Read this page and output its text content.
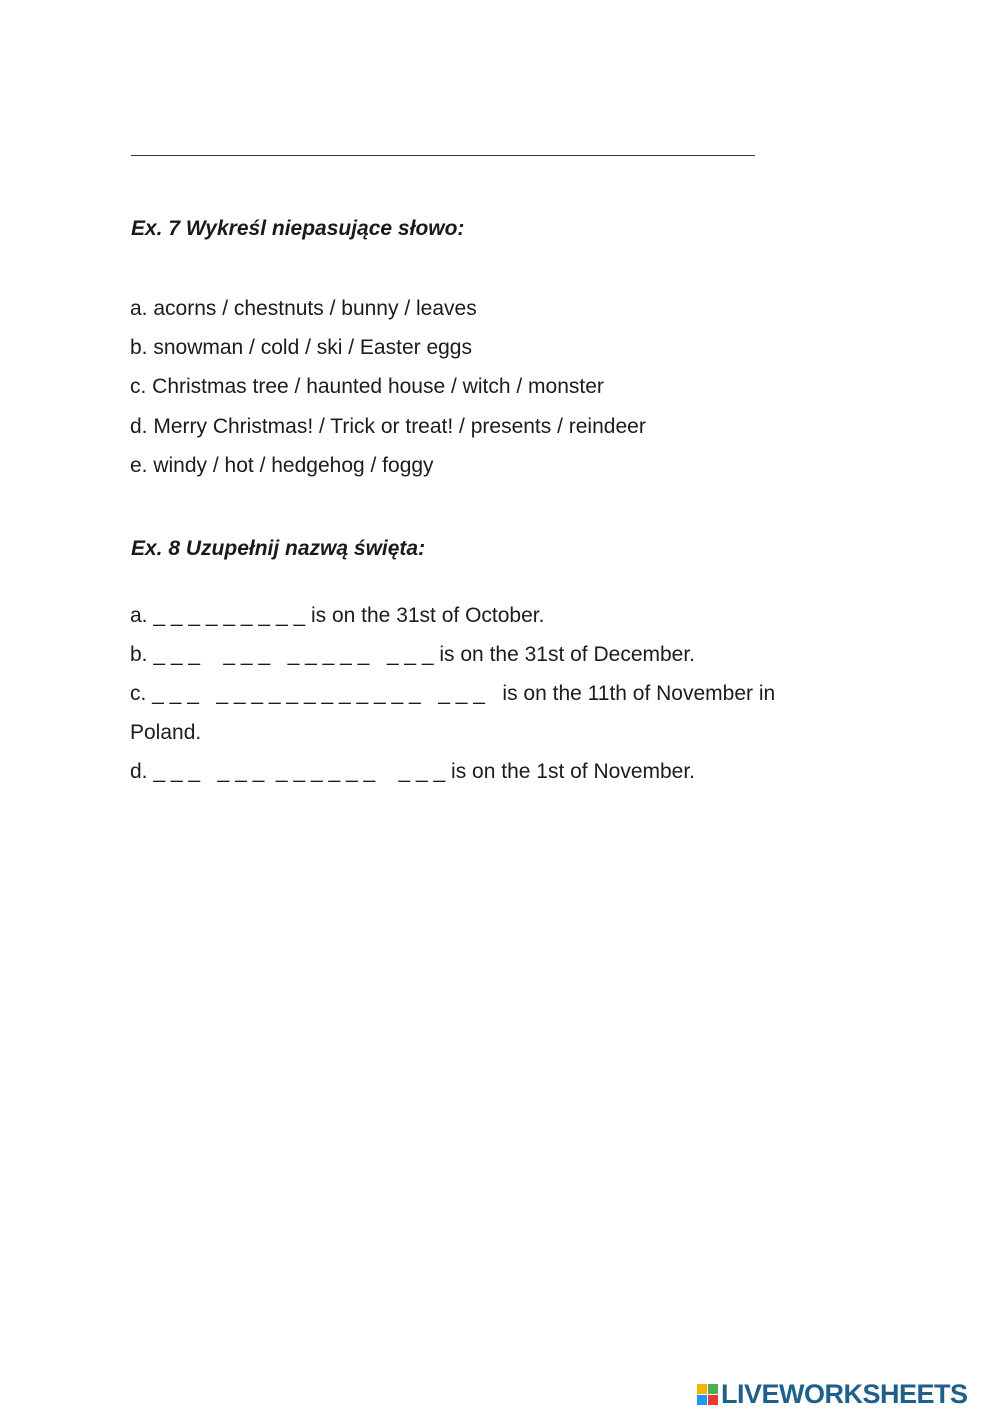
Ex. 7 Wykreśl niepasujące słowo:
a. acorns / chestnuts / bunny / leaves
b. snowman / cold / ski / Easter eggs
c. Christmas tree / haunted house / witch / monster
d. Merry Christmas! / Trick or treat! / presents / reindeer
e. windy / hot / hedgehog / foggy
Ex. 8 Uzupełnij nazwą święta:
a. _ _ _ _ _ _ _ _ _ is on the 31st of October.
b. _ _ _    _ _ _   _ _ _ _ _   _ _ _ is on the 31st of December.
c. _ _ _   _ _ _ _ _ _ _ _ _ _ _ _   _ _ _   is on the 11th of November in
Poland.
d. _ _ _   _ _ _  _ _ _ _ _ _    _ _ _ is on the 1st of November.
LIVEWORKSHEETS
